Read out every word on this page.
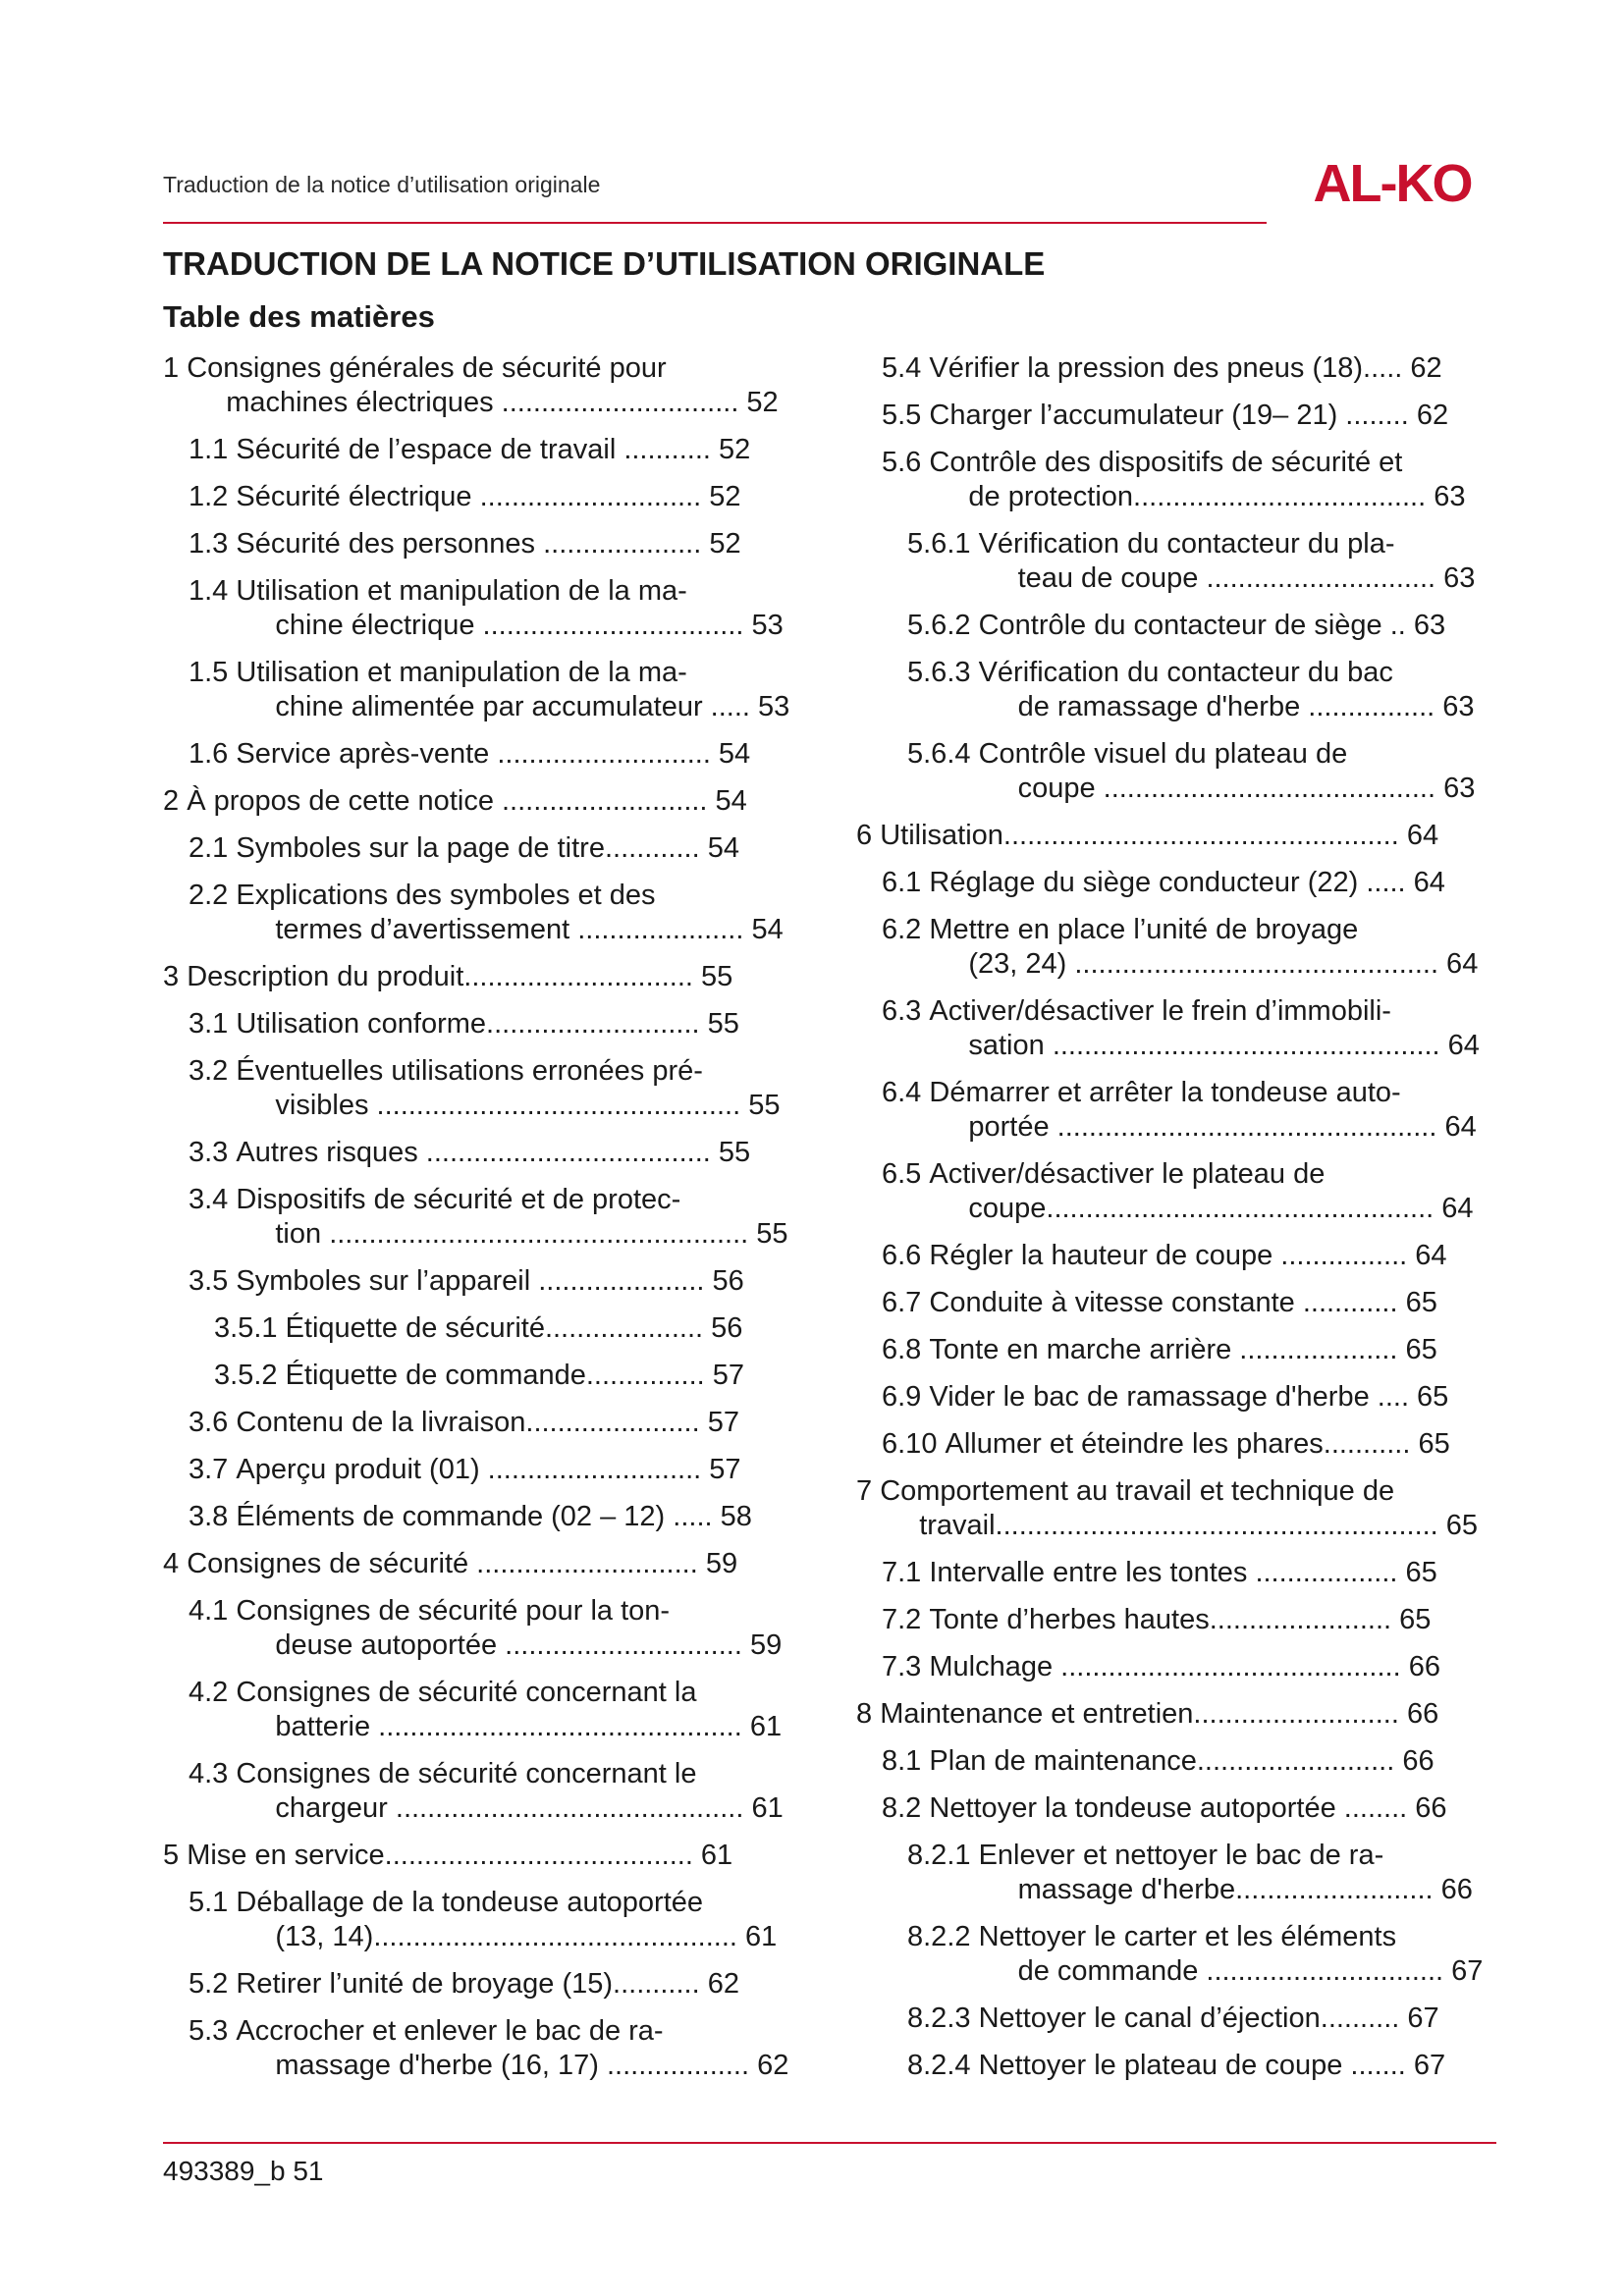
Traduction de la notice d’utilisation originale	AL-KO
TRADUCTION DE LA NOTICE D’UTILISATION ORIGINALE
Table des matières
1 Consignes générales de sécurité pour
machines électriques .............................. 52
1.1 Sécurité de l’espace de travail ........... 52
1.2 Sécurité électrique ............................ 52
1.3 Sécurité des personnes .................... 52
1.4 Utilisation et manipulation de la ma-
chine électrique ................................. 53
1.5 Utilisation et manipulation de la ma-
chine alimentée par accumulateur ..... 53
1.6 Service après-vente ........................... 54
2 À propos de cette notice .......................... 54
2.1 Symboles sur la page de titre............ 54
2.2 Explications des symboles et des
termes d’avertissement ..................... 54
3 Description du produit............................. 55
3.1 Utilisation conforme........................... 55
3.2 Éventuelles utilisations erronées pré-
visibles .............................................. 55
3.3 Autres risques .................................... 55
3.4 Dispositifs de sécurité et de protec-
tion ..................................................... 55
3.5 Symboles sur l’appareil ..................... 56
3.5.1 Étiquette de sécurité.................... 56
3.5.2 Étiquette de commande............... 57
3.6 Contenu de la livraison...................... 57
3.7 Aperçu produit (01) ........................... 57
3.8 Éléments de commande (02 – 12) ..... 58
4 Consignes de sécurité ............................ 59
4.1 Consignes de sécurité pour la ton-
deuse autoportée .............................. 59
4.2 Consignes de sécurité concernant la
batterie .............................................. 61
4.3 Consignes de sécurité concernant le
chargeur ............................................ 61
5 Mise en service....................................... 61
5.1 Déballage de la tondeuse autoportée
(13, 14).............................................. 61
5.2 Retirer l’unité de broyage (15)........... 62
5.3 Accrocher et enlever le bac de ra-
massage d'herbe (16, 17) .................. 62
5.4 Vérifier la pression des pneus (18)..... 62
5.5 Charger l’accumulateur (19– 21) ........ 62
5.6 Contrôle des dispositifs de sécurité et
de protection..................................... 63
5.6.1 Vérification du contacteur du pla-
teau de coupe ............................. 63
5.6.2 Contrôle du contacteur de siège .. 63
5.6.3 Vérification du contacteur du bac
de ramassage d'herbe ................ 63
5.6.4 Contrôle visuel du plateau de
coupe .......................................... 63
6 Utilisation.................................................. 64
6.1 Réglage du siège conducteur (22) ..... 64
6.2 Mettre en place l’unité de broyage
(23, 24) .............................................. 64
6.3 Activer/désactiver le frein d’immobili-
sation ................................................. 64
6.4 Démarrer et arrêter la tondeuse auto-
portée ................................................ 64
6.5 Activer/désactiver le plateau de
coupe................................................. 64
6.6 Régler la hauteur de coupe ................ 64
6.7 Conduite à vitesse constante ............ 65
6.8 Tonte en marche arrière .................... 65
6.9 Vider le bac de ramassage d'herbe .... 65
6.10 Allumer et éteindre les phares........... 65
7 Comportement au travail et technique de
travail........................................................ 65
7.1 Intervalle entre les tontes .................. 65
7.2 Tonte d’herbes hautes....................... 65
7.3 Mulchage ........................................... 66
8 Maintenance et entretien.......................... 66
8.1 Plan de maintenance......................... 66
8.2 Nettoyer la tondeuse autoportée ........ 66
8.2.1 Enlever et nettoyer le bac de ra-
massage d'herbe......................... 66
8.2.2 Nettoyer le carter et les éléments
de commande .............................. 67
8.2.3 Nettoyer le canal d’éjection.......... 67
8.2.4 Nettoyer le plateau de coupe ....... 67
493389_b 51
